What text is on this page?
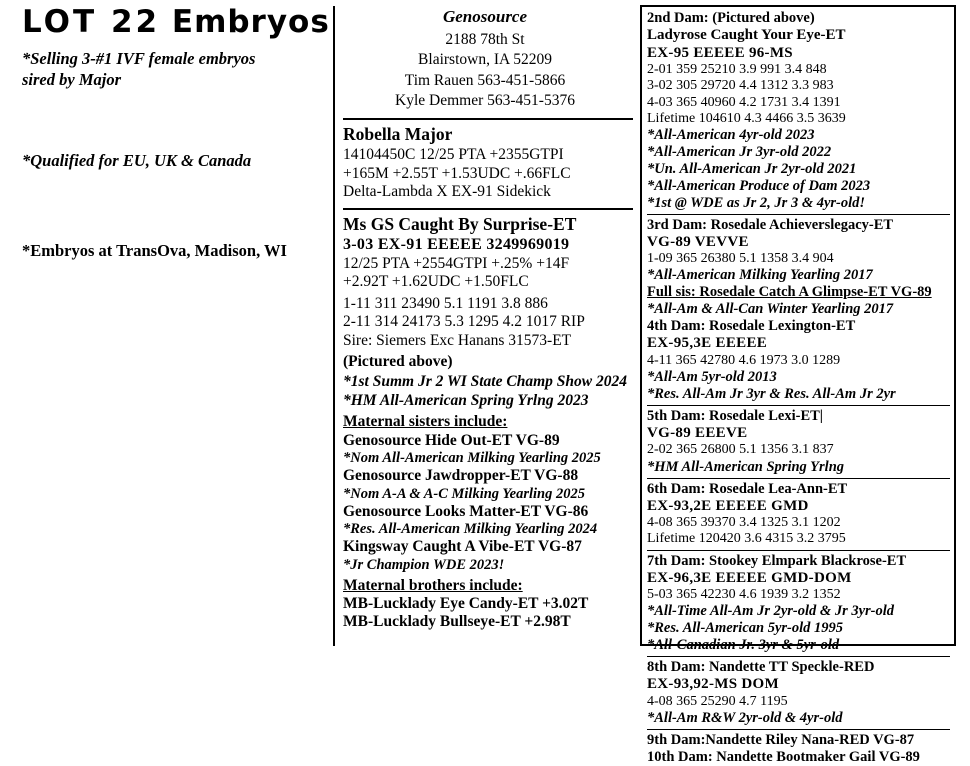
LOT 22 Embryos
*Selling 3-#1 IVF female embryos
sired by Major
*Qualified for EU, UK & Canada
*Embryos at TransOva, Madison, WI
Genosource
2188 78th St
Blairstown, IA 52209
Tim Rauen 563-451-5866
Kyle Demmer 563-451-5376
Robella Major
14104450C 12/25 PTA +2355GTPI
+165M +2.55T +1.53UDC +.66FLC
Delta-Lambda X EX-91 Sidekick
Ms GS Caught By Surprise-ET
3-03 EX-91 EEEEE 3249969019
12/25 PTA +2554GTPI +.25% +14F
+2.92T +1.62UDC +1.50FLC
1-11 311 23490 5.1 1191 3.8 886
2-11 314 24173 5.3 1295 4.2 1017 RIP
Sire: Siemers Exc Hanans 31573-ET
(Pictured above)
*1st Summ Jr 2 WI State Champ Show 2024
*HM All-American Spring Yrlng 2023
Maternal sisters include:
Genosource Hide Out-ET VG-89
*Nom All-American Milking Yearling 2025
Genosource Jawdropper-ET VG-88
*Nom A-A & A-C Milking Yearling 2025
Genosource Looks Matter-ET VG-86
*Res. All-American Milking Yearling 2024
Kingsway Caught A Vibe-ET VG-87
*Jr Champion WDE 2023!
Maternal brothers include:
MB-Lucklady Eye Candy-ET +3.02T
MB-Lucklady Bullseye-ET +2.98T
2nd Dam: (Pictured above)
Ladyrose Caught Your Eye-ET
EX-95 EEEEE 96-MS
2-01 359 25210 3.9 991 3.4 848
3-02 305 29720 4.4 1312 3.3 983
4-03 365 40960 4.2 1731 3.4 1391
Lifetime 104610 4.3 4466 3.5 3639
*All-American 4yr-old 2023
*All-American Jr 3yr-old 2022
*Un. All-American Jr 2yr-old 2021
*All-American Produce of Dam 2023
*1st @ WDE as Jr 2, Jr 3 & 4yr-old!
3rd Dam: Rosedale Achieverslegacy-ET
VG-89 VEVVE
1-09 365 26380 5.1 1358 3.4 904
*All-American Milking Yearling 2017
Full sis: Rosedale Catch A Glimpse-ET VG-89
*All-Am & All-Can Winter Yearling 2017
4th Dam: Rosedale Lexington-ET
EX-95,3E EEEEE
4-11 365 42780 4.6 1973 3.0 1289
*All-Am 5yr-old 2013
*Res. All-Am Jr 3yr & Res. All-Am Jr 2yr
5th Dam: Rosedale Lexi-ET|
VG-89 EEEVE
2-02 365 26800 5.1 1356 3.1 837
*HM All-American Spring Yrlng
6th Dam: Rosedale Lea-Ann-ET
EX-93,2E EEEEE GMD
4-08 365 39370 3.4 1325 3.1 1202
Lifetime 120420 3.6 4315 3.2 3795
7th Dam: Stookey Elmpark Blackrose-ET
EX-96,3E EEEEE GMD-DOM
5-03 365 42230 4.6 1939 3.2 1352
*All-Time All-Am Jr 2yr-old & Jr 3yr-old
*Res. All-American 5yr-old 1995
*All-Canadian Jr. 3yr & 5yr-old
8th Dam: Nandette TT Speckle-RED
EX-93,92-MS DOM
4-08 365 25290 4.7 1195
*All-Am R&W 2yr-old & 4yr-old
9th Dam:Nandette Riley Nana-RED VG-87
10th Dam: Nandette Bootmaker Gail VG-89
